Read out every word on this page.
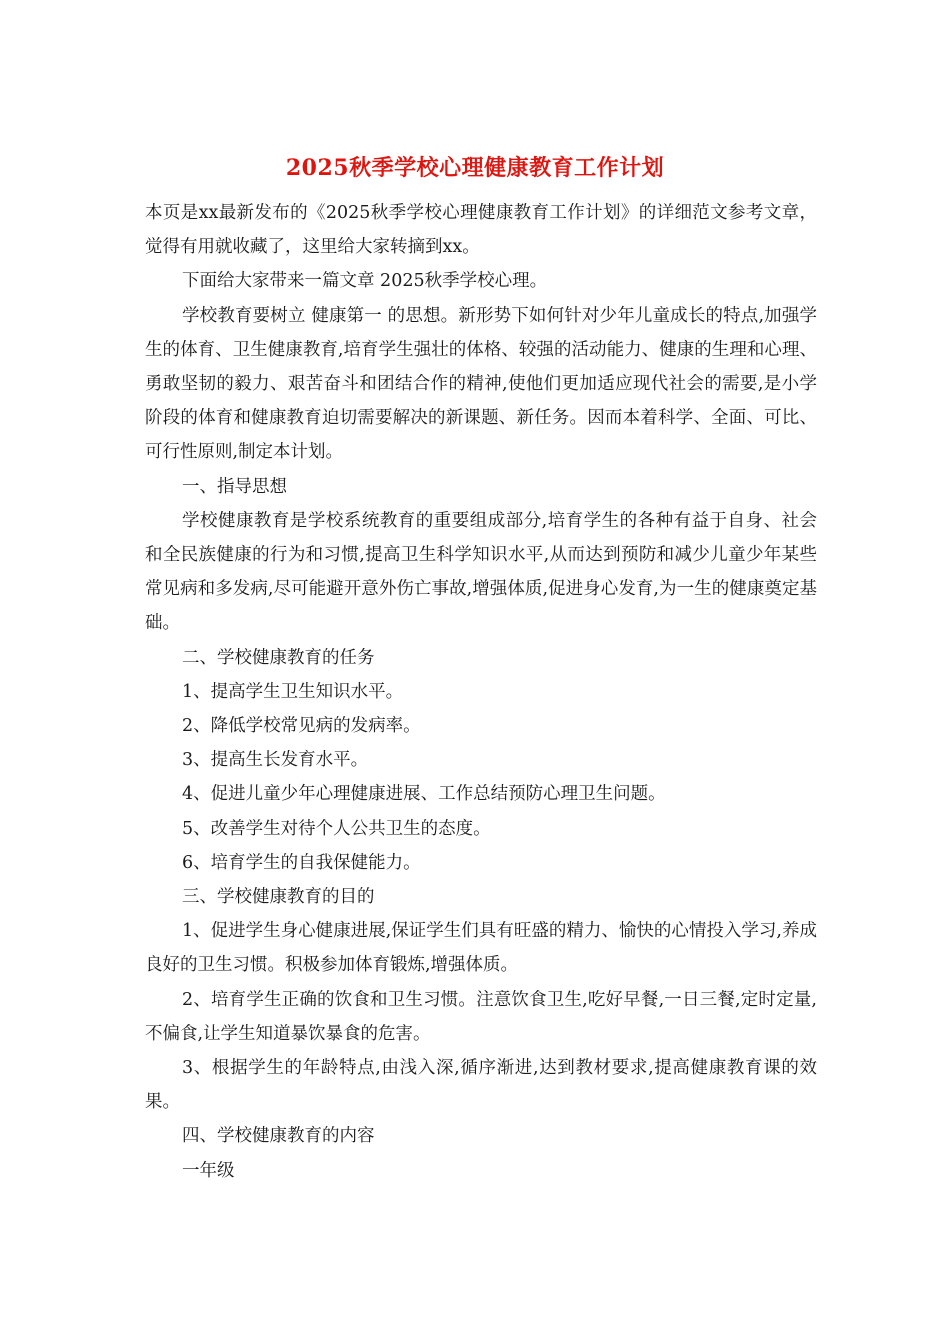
2025秋季学校心理健康教育工作计划

本页是xx最新发布的《2025秋季学校心理健康教育工作计划》的详细范文参考文章，觉得有用就收藏了，这里给大家转摘到xx。

下面给大家带来一篇文章 2025秋季学校心理。

学校教育要树立 健康第一 的思想。新形势下如何针对少年儿童成长的特点,加强学生的体育、卫生健康教育,培育学生强壮的体格、较强的活动能力、健康的生理和心理、勇敢坚韧的毅力、艰苦奋斗和团结合作的精神,使他们更加适应现代社会的需要,是小学阶段的体育和健康教育迫切需要解决的新课题、新任务。因而本着科学、全面、可比、可行性原则,制定本计划。

一、指导思想

学校健康教育是学校系统教育的重要组成部分,培育学生的各种有益于自身、社会和全民族健康的行为和习惯,提高卫生科学知识水平,从而达到预防和减少儿童少年某些常见病和多发病,尽可能避开意外伤亡事故,增强体质,促进身心发育,为一生的健康奠定基础。

二、学校健康教育的任务

1、提高学生卫生知识水平。

2、降低学校常见病的发病率。

3、提高生长发育水平。

4、促进儿童少年心理健康进展、工作总结预防心理卫生问题。

5、改善学生对待个人公共卫生的态度。

6、培育学生的自我保健能力。

三、学校健康教育的目的

1、促进学生身心健康进展,保证学生们具有旺盛的精力、愉快的心情投入学习,养成良好的卫生习惯。积极参加体育锻炼,增强体质。

2、培育学生正确的饮食和卫生习惯。注意饮食卫生,吃好早餐,一日三餐,定时定量,不偏食,让学生知道暴饮暴食的危害。

3、根据学生的年龄特点,由浅入深,循序渐进,达到教材要求,提高健康教育课的效果。

四、学校健康教育的内容

一年级
